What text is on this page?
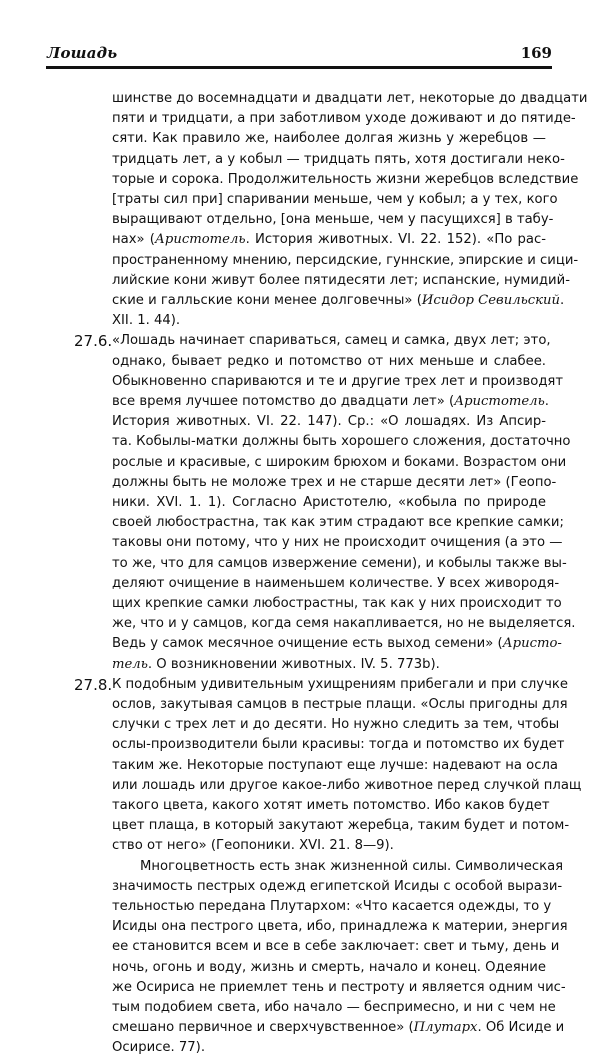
Лошадь	169
шинстве до восемнадцати и двадцати лет, некоторые до двадцати
пяти и тридцати, а при заботливом уходе доживают и до пятиде-
сяти. Как правило же, наиболее долгая жизнь у жеребцов —
тридцать лет, а у кобыл — тридцать пять, хотя достигали неко-
торые и сорока. Продолжительность жизни жеребцов вследствие
[траты сил при] спаривании меньше, чем у кобыл; а у тех, кого
выращивают отдельно, [она меньше, чем у пасущихся] в табу-
нах» (Аристотель. История животных. VI. 22. 152). «По рас-
пространенному мнению, персидские, гуннские, эпирские и сици-
лийские кони живут более пятидесяти лет; испанские, нумидий-
ские и галльские кони менее долговечны» (Исидор Севильский.
XII. 1. 44).
27.6. «Лошадь начинает спариваться, самец и самка, двух лет; это,
однако, бывает редко и потомство от них меньше и слабее.
Обыкновенно спариваются и те и другие трех лет и производят
все время лучшее потомство до двадцати лет» (Аристотель.
История животных. VI. 22. 147). Ср.: «О лошадях. Из Апсир-
та. Кобылы-матки должны быть хорошего сложения, достаточно
рослые и красивые, с широким брюхом и боками. Возрастом они
должны быть не моложе трех и не старше десяти лет» (Геопо-
ники. XVI. 1. 1). Согласно Аристотелю, «кобыла по природе
своей любострастна, так как этим страдают все крепкие самки;
таковы они потому, что у них не происходит очищения (а это —
то же, что для самцов извержение семени), и кобылы также вы-
деляют очищение в наименьшем количестве. У всех живородя-
щих крепкие самки любострастны, так как у них происходит то
же, что и у самцов, когда семя накапливается, но не выделяется.
Ведь у самок месячное очищение есть выход семени» (Аристо-
тель. О возникновении животных. IV. 5. 773b).
27.8. К подобным удивительным ухищрениям прибегали и при случке
ослов, закутывая самцов в пестрые плащи. «Ослы пригодны для
случки с трех лет и до десяти. Но нужно следить за тем, чтобы
ослы-производители были красивы: тогда и потомство их будет
таким же. Некоторые поступают еще лучше: надевают на осла
или лошадь или другое какое-либо животное перед случкой плащ
такого цвета, какого хотят иметь потомство. Ибо каков будет
цвет плаща, в который закутают жеребца, таким будет и потом-
ство от него» (Геопоники. XVI. 21. 8—9).
Многоцветность есть знак жизненной силы. Символическая
значимость пестрых одежд египетской Исиды с особой вырази-
тельностью передана Плутархом: «Что касается одежды, то у
Исиды она пестрого цвета, ибо, принадлежа к материи, энергия
ее становится всем и все в себе заключает: свет и тьму, день и
ночь, огонь и воду, жизнь и смерть, начало и конец. Одеяние
же Осириса не приемлет тень и пестроту и является одним чис-
тым подобием света, ибо начало — беспримесно, и ни с чем не
смешано первичное и сверхчувственное» (Плутарх. Об Исиде и
Осирисе. 77).
